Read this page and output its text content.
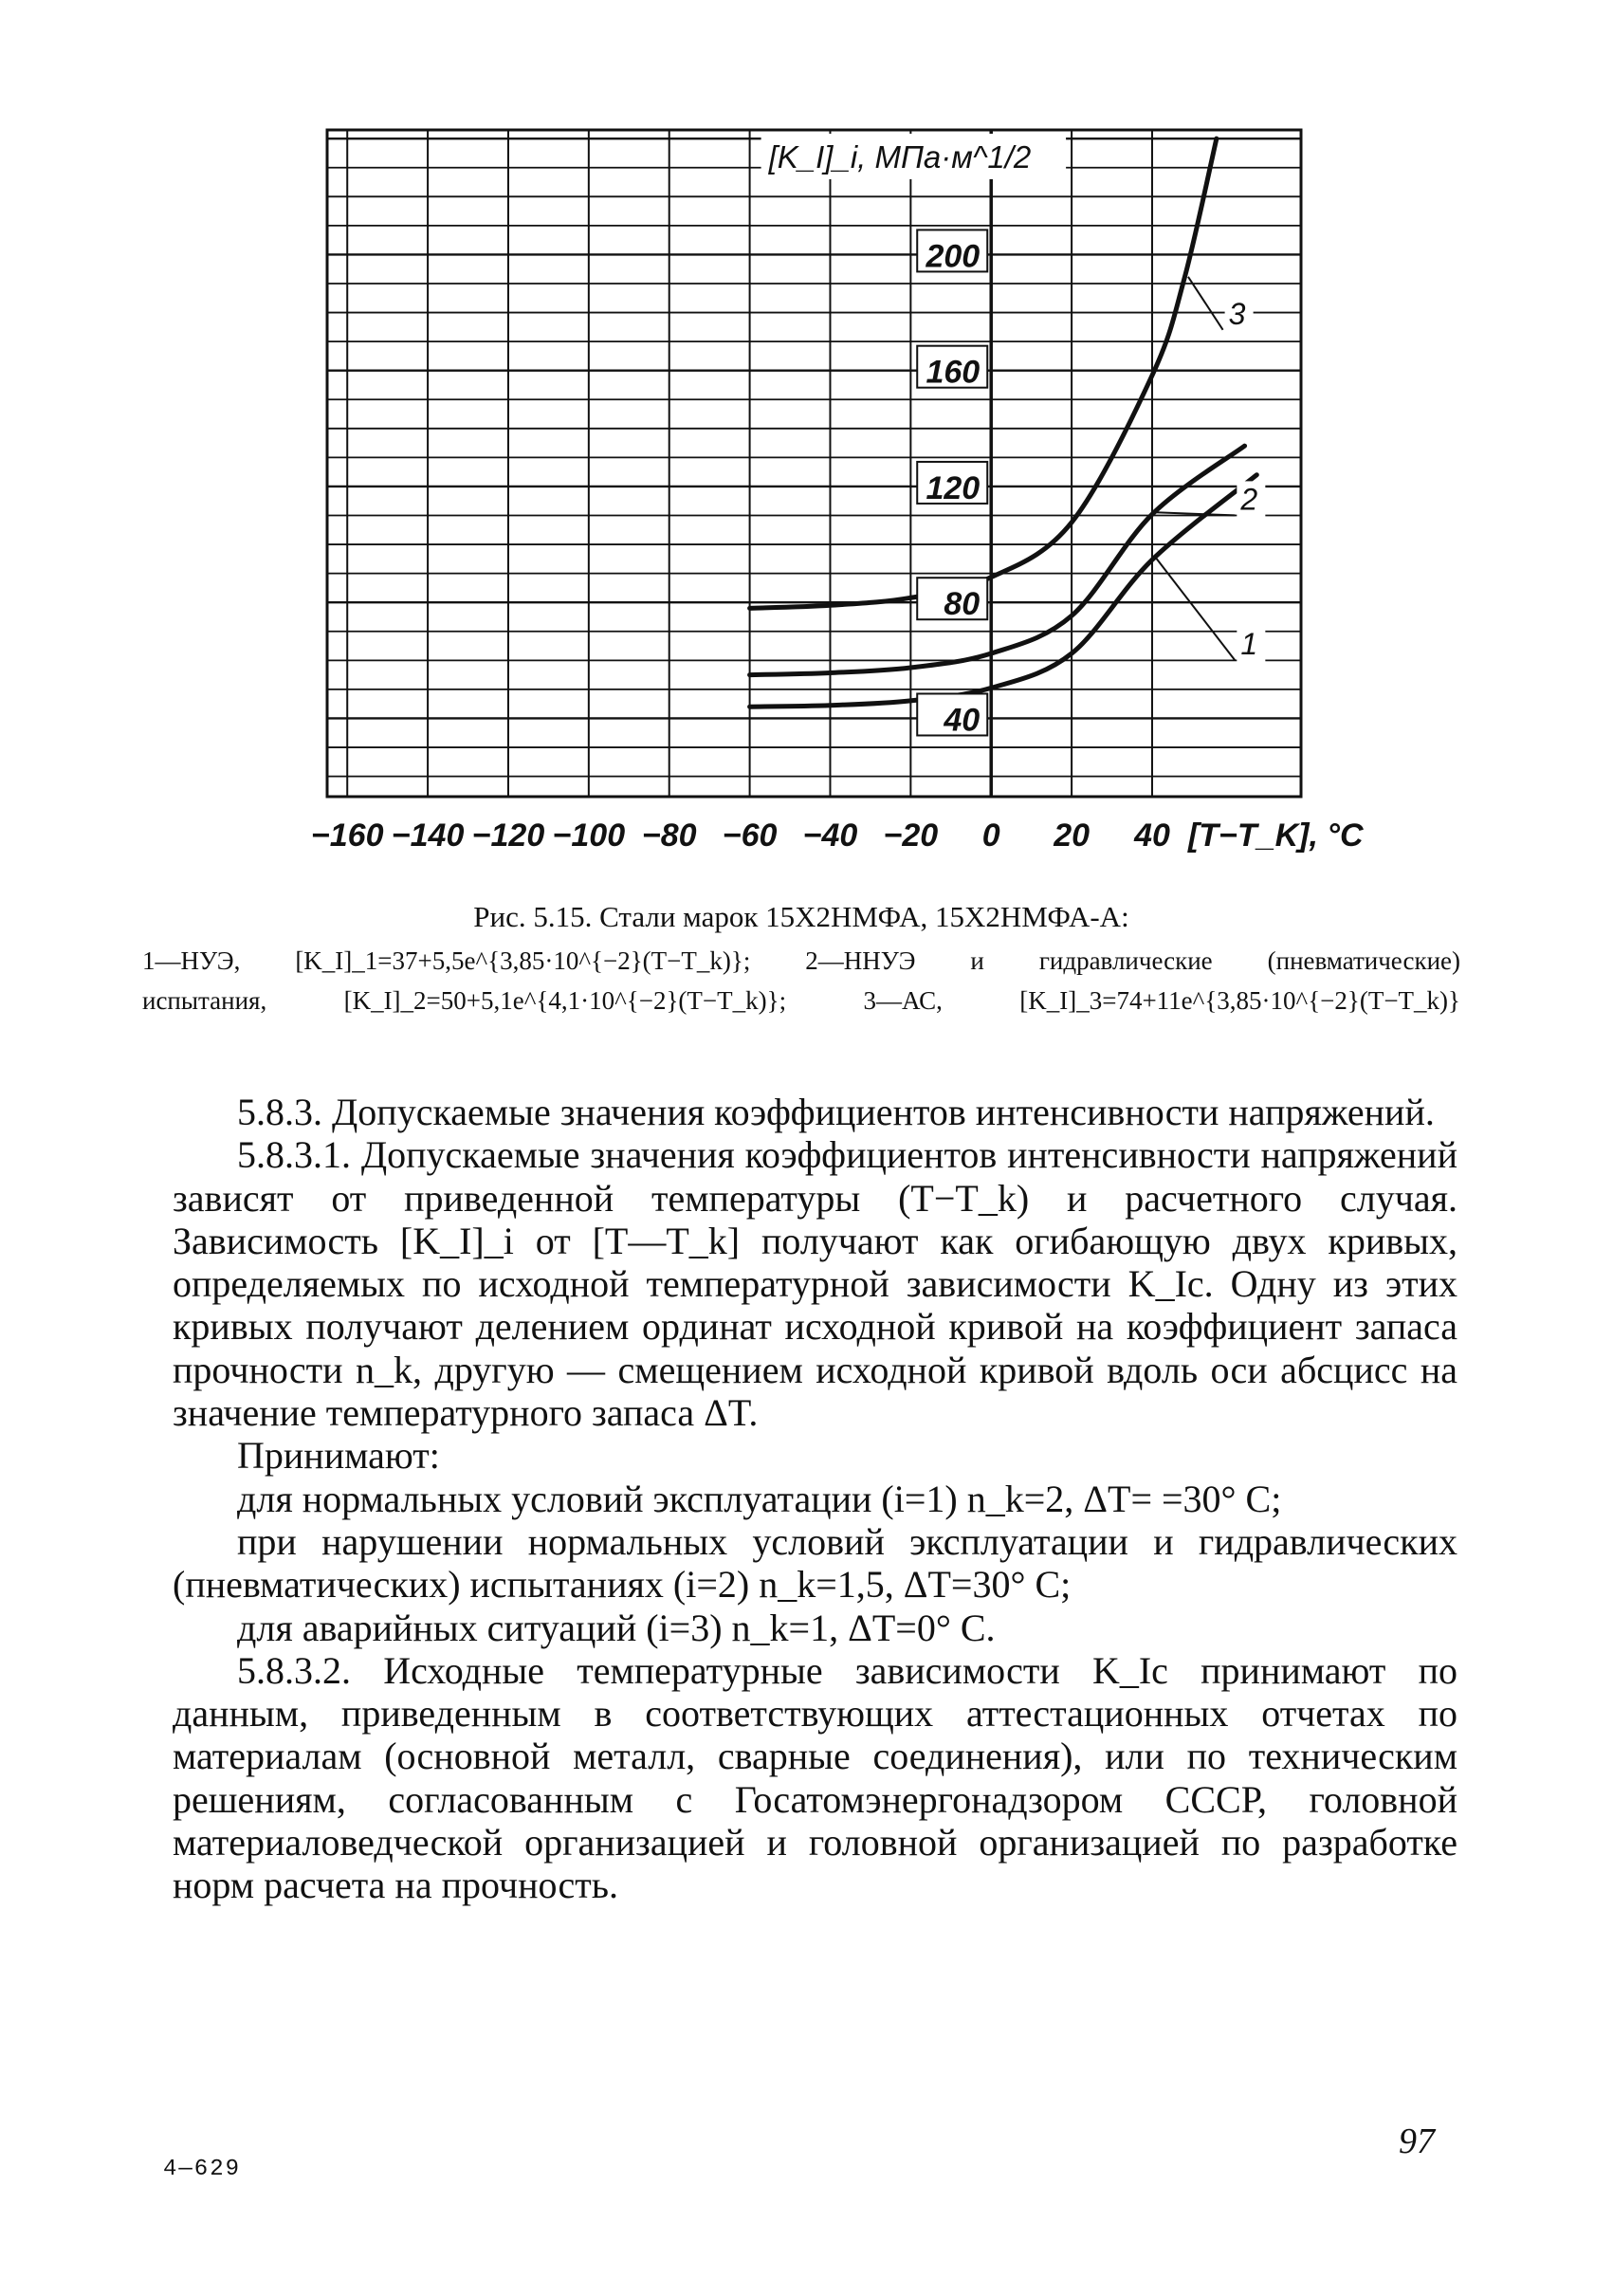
40
80
120
160
200
[K_I]_i, МПа·м^1/2
−160 −140 −120 −100 −80 −60 −40 −20 0 20 40 [T−T_K], °C
1
2
3
Рис. 5.15. Стали марок 15Х2НМФА, 15Х2НМФА-А:
1—НУЭ, [K_I]_1=37+5,5e^{3,85·10^{−2}(T−T_k)}; 2—ННУЭ и гидравлические (пневматические)
испытания, [K_I]_2=50+5,1e^{4,1·10^{−2}(T−T_k)}; 3—АС, [K_I]_3=74+11e^{3,85·10^{−2}(T−T_k)}

5.8.3. Допускаемые значения коэффициентов интенсивности напряжений.

5.8.3.1. Допускаемые значения коэффициентов интенсивности напряжений зависят от приведенной температуры (T−T_k) и расчетного случая. Зависимость [K_I]_i от [T—T_k] получают как огибающую двух кривых, определяемых по исходной температурной зависимости K_Ic. Одну из этих кривых получают делением ординат исходной кривой на коэффициент запаса прочности n_k, другую — смещением исходной кривой вдоль оси абсцисс на значение температурного запаса ΔT.

Принимают:

для нормальных условий эксплуатации (i=1) n_k=2, ΔT= =30° C;

при нарушении нормальных условий эксплуатации и гидравлических (пневматических) испытаниях (i=2) n_k=1,5, ΔT=30° C;

для аварийных ситуаций (i=3) n_k=1, ΔT=0° C.

5.8.3.2. Исходные температурные зависимости K_Ic принимают по данным, приведенным в соответствующих аттестационных отчетах по материалам (основной металл, сварные соединения), или по техническим решениям, согласованным с Госатомэнергонадзором СССР, головной материаловедческой организацией и головной организацией по разработке норм расчета на прочность.

97
4—629
